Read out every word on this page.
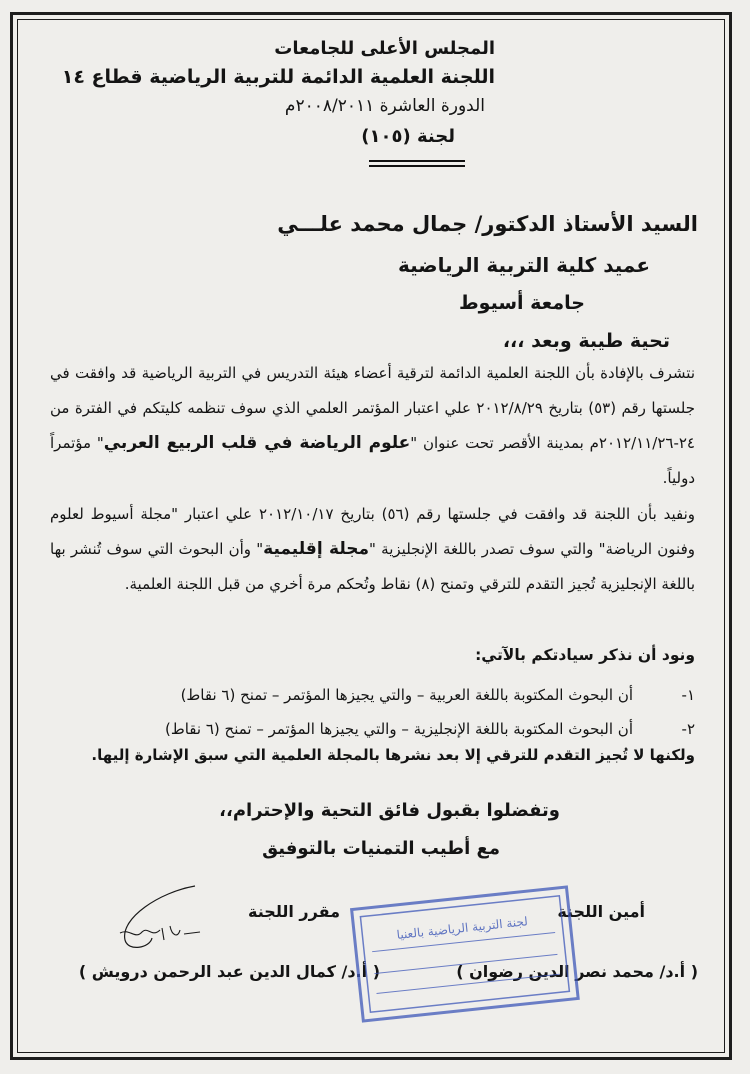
المجلس الأعلى للجامعات
اللجنة العلمية الدائمة للتربية الرياضية قطاع ١٤
الدورة العاشرة ٢٠٠٨/٢٠١١م
لجنة (١٠٥)
السيد الأستاذ الدكتور/ جمال محمد علـــي
عميد كلية التربية الرياضية
جامعة أسيوط
تحية طيبة وبعد ،،،
نتشرف بالإفادة بأن اللجنة العلمية الدائمة لترقية أعضاء هيئة التدريس في التربية الرياضية قد وافقت في جلستها رقم (٥٣) بتاريخ ٢٠١٢/٨/٢٩ علي اعتبار المؤتمر العلمي الذي سوف تنظمه كليتكم في الفترة من ٢٤-٢٠١٢/١١/٢٦م بمدينة الأقصر تحت عنوان "علوم الرياضة في قلب الربيع العربي" مؤتمراً دولياً.
ونفيد بأن اللجنة قد وافقت في جلستها رقم (٥٦) بتاريخ ٢٠١٢/١٠/١٧ علي اعتبار "مجلة أسيوط لعلوم وفنون الرياضة" والتي سوف تصدر باللغة الإنجليزية "مجلة إقليمية" وأن البحوث التي سوف تُنشر بها باللغة الإنجليزية تُجيز التقدم للترقي وتمنح (٨) نقاط وتُحكم مرة أخري من قبل اللجنة العلمية.
ونود أن نذكر سيادتكم بالآتي:
١-أن البحوث المكتوبة باللغة العربية – والتي يجيزها المؤتمر – تمنح (٦ نقاط)
٢-أن البحوث المكتوبة باللغة الإنجليزية – والتي يجيزها المؤتمر – تمنح (٦ نقاط)
ولكنها لا تُجيز التقدم للترقي إلا بعد نشرها بالمجلة العلمية التي سبق الإشارة إليها.
وتفضلوا بقبول فائق التحية والإحترام،،
مع أطيب التمنيات بالتوفيق
أمين اللجنة
مقرر اللجنة
( أ.د/ محمد نصر الدين رضوان )
( أ.د/ كمال الدين عبد الرحمن درويش )
لجنة التربية الرياضية بالعنيا
